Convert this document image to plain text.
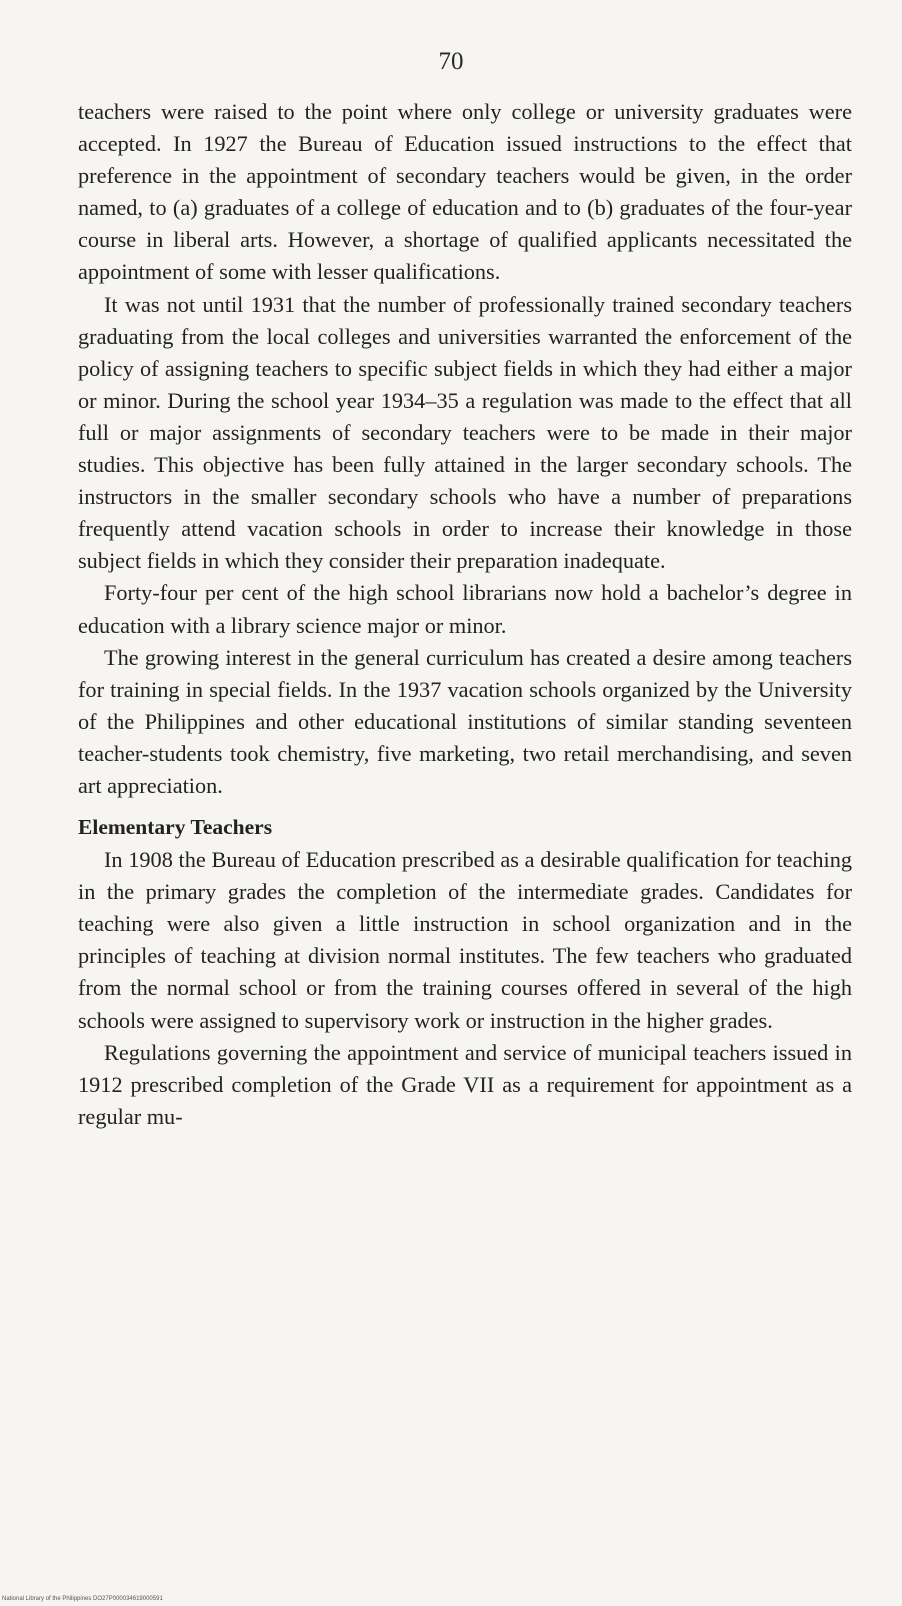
70

teachers were raised to the point where only college or university graduates were accepted. In 1927 the Bureau of Education issued instructions to the effect that preference in the appointment of secondary teachers would be given, in the order named, to (a) graduates of a college of education and to (b) graduates of the four-year course in liberal arts. However, a shortage of qualified applicants necessitated the appointment of some with lesser qualifications.

It was not until 1931 that the number of professionally trained secondary teachers graduating from the local colleges and universities warranted the enforcement of the policy of assigning teachers to specific subject fields in which they had either a major or minor. During the school year 1934–35 a regulation was made to the effect that all full or major assignments of secondary teachers were to be made in their major studies. This objective has been fully attained in the larger secondary schools. The instructors in the smaller secondary schools who have a number of preparations frequently attend vacation schools in order to increase their knowledge in those subject fields in which they consider their preparation inadequate.

Forty-four per cent of the high school librarians now hold a bachelor’s degree in education with a library science major or minor.

The growing interest in the general curriculum has created a desire among teachers for training in special fields. In the 1937 vacation schools organized by the University of the Philippines and other educational institutions of similar standing seventeen teacher-students took chemistry, five marketing, two retail merchandising, and seven art appreciation.

Elementary Teachers

In 1908 the Bureau of Education prescribed as a desirable qualification for teaching in the primary grades the completion of the intermediate grades. Candidates for teaching were also given a little instruction in school organization and in the principles of teaching at division normal institutes. The few teachers who graduated from the normal school or from the training courses offered in several of the high schools were assigned to supervisory work or instruction in the higher grades.

Regulations governing the appointment and service of municipal teachers issued in 1912 prescribed completion of the Grade VII as a requirement for appointment as a regular mu-

National Library of the Philippines DO27P000034619000591
